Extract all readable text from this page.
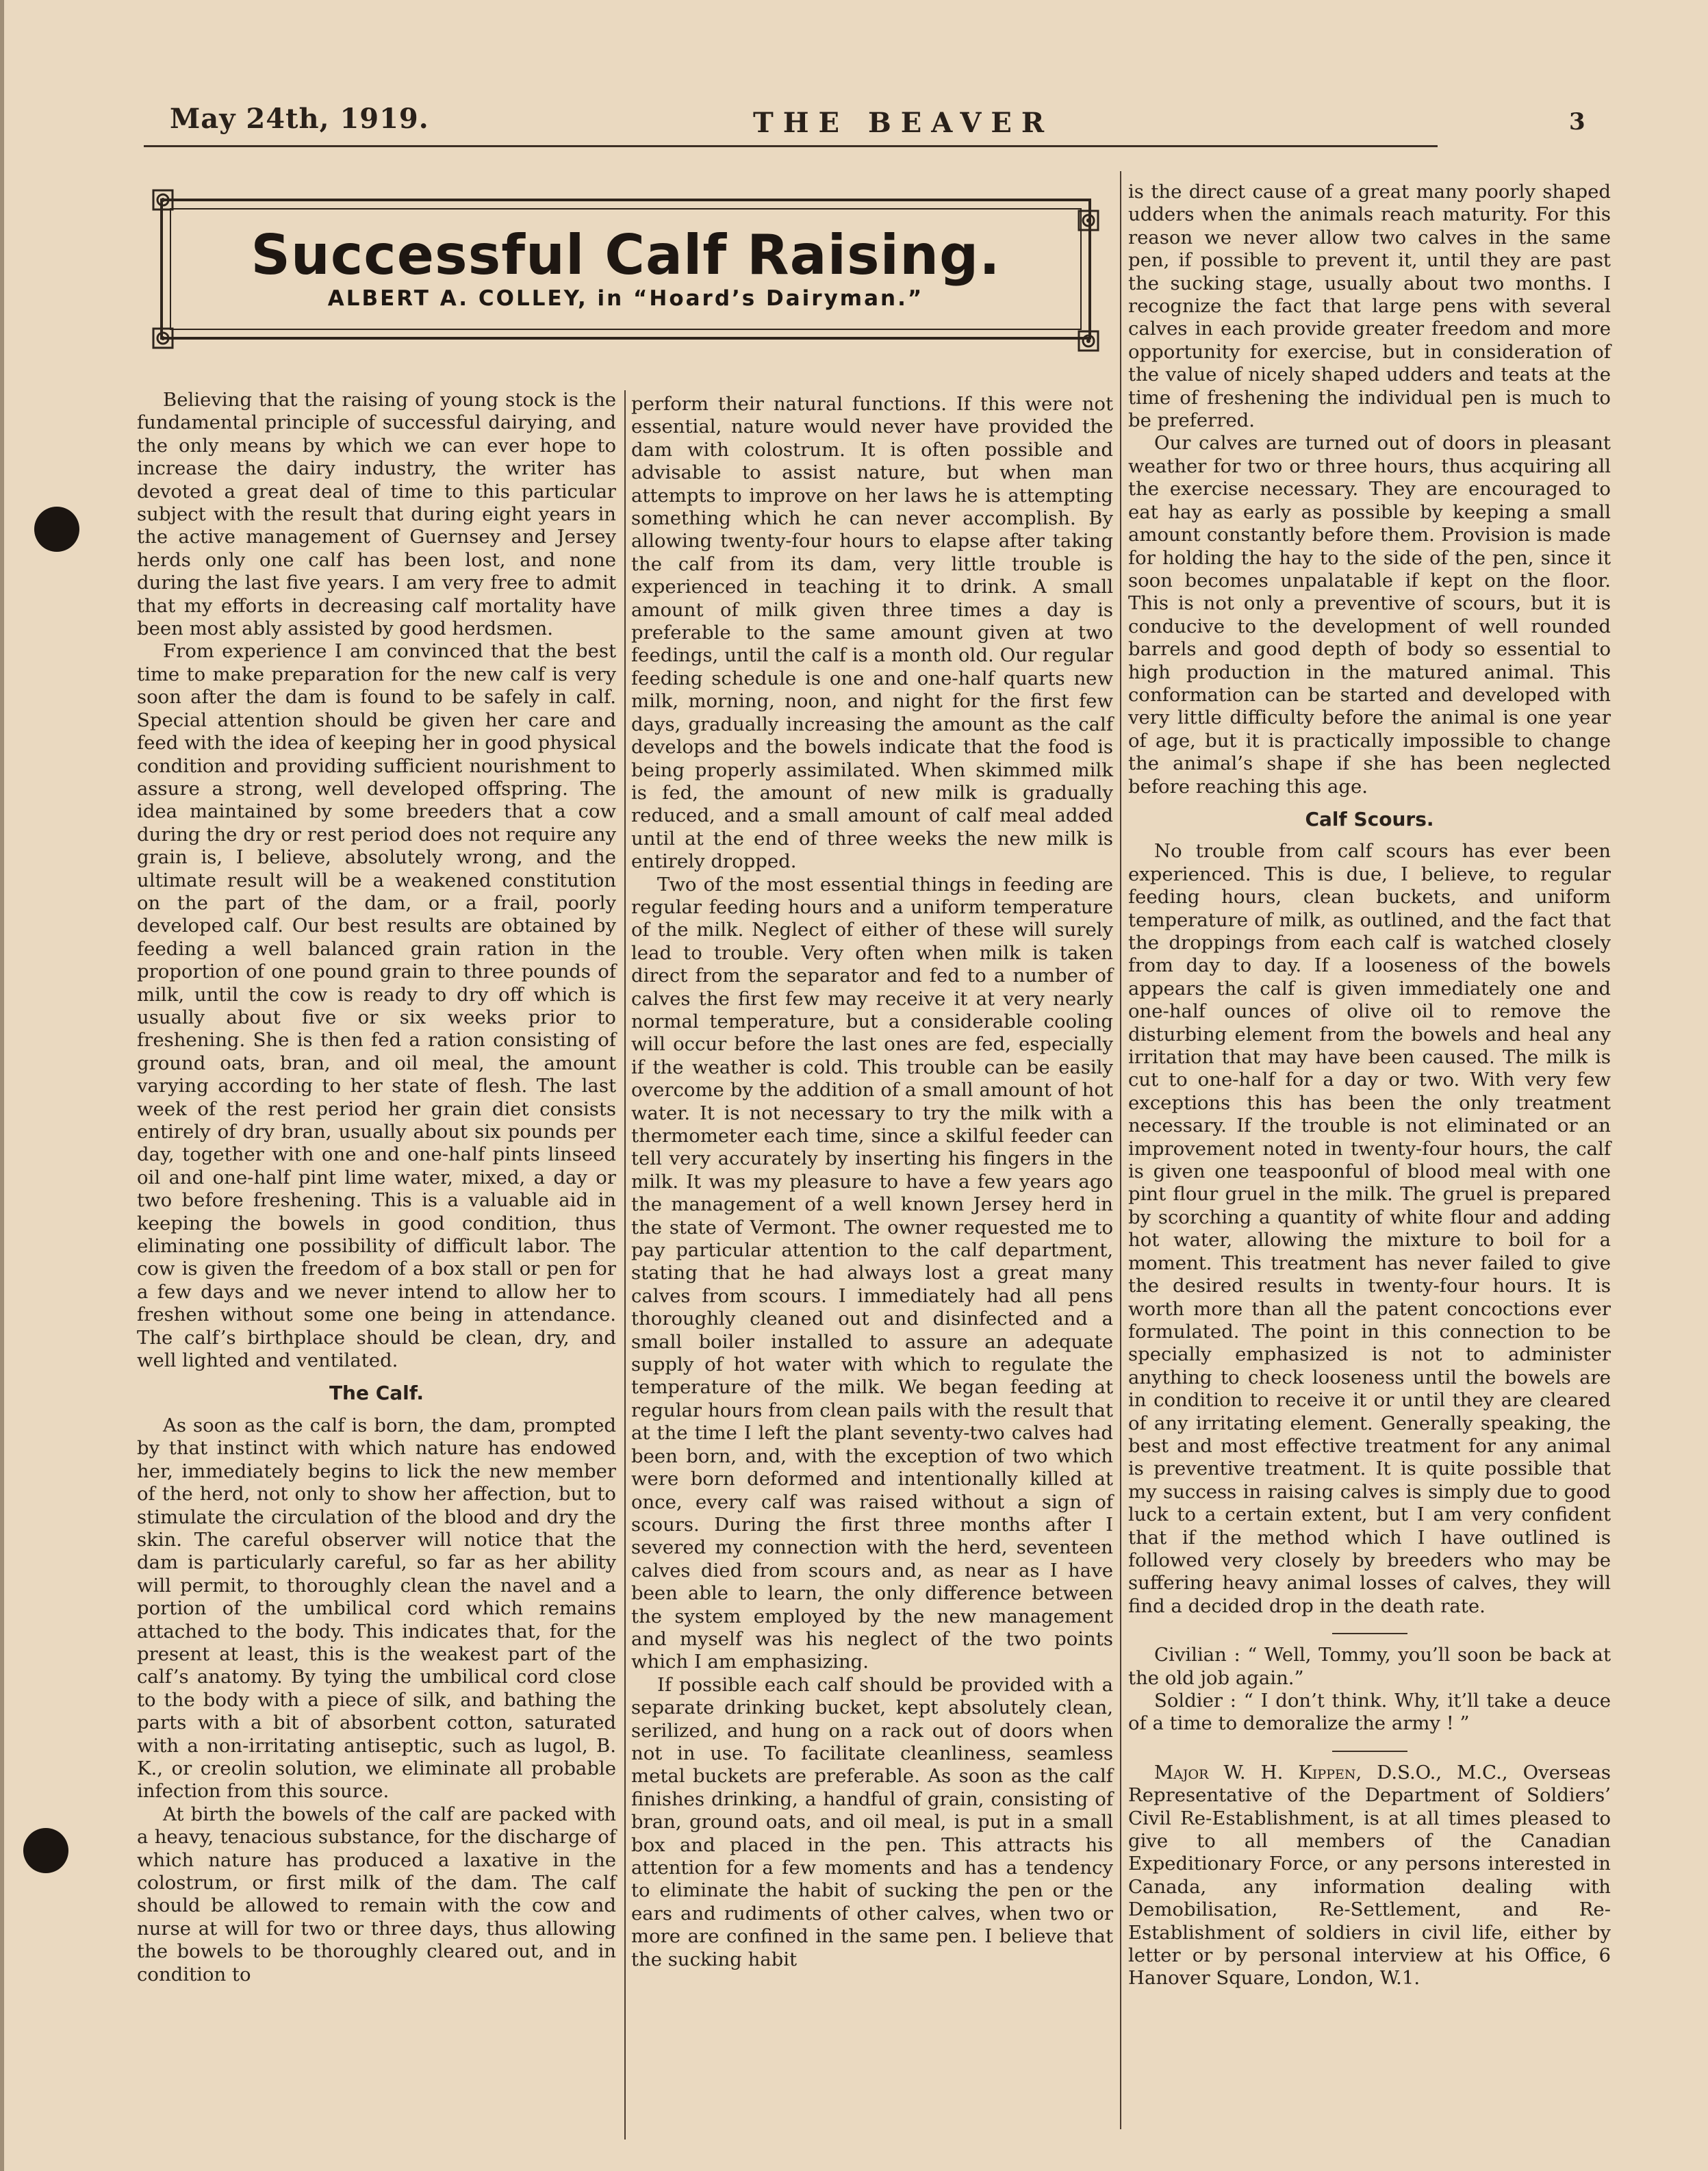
May 24th, 1919.	THE BEAVER	3
Successful Calf Raising.
ALBERT A. COLLEY, in “Hoard’s Dairyman.”

Believing that the raising of young stock is the fundamental principle of successful dairying, and the only means by which we can ever hope to increase the dairy industry, the writer has devoted a great deal of time to this particular subject with the result that during eight years in the active management of Guernsey and Jersey herds only one calf has been lost, and none during the last five years. I am very free to admit that my efforts in decreasing calf mortality have been most ably assisted by good herdsmen.

From experience I am convinced that the best time to make preparation for the new calf is very soon after the dam is found to be safely in calf. Special attention should be given her care and feed with the idea of keeping her in good physical condition and providing sufficient nourishment to assure a strong, well developed offspring. The idea maintained by some breeders that a cow during the dry or rest period does not require any grain is, I believe, absolutely wrong, and the ultimate result will be a weakened constitution on the part of the dam, or a frail, poorly developed calf. Our best results are obtained by feeding a well balanced grain ration in the proportion of one pound grain to three pounds of milk, until the cow is ready to dry off which is usually about five or six weeks prior to freshening. She is then fed a ration consisting of ground oats, bran, and oil meal, the amount varying according to her state of flesh. The last week of the rest period her grain diet consists entirely of dry bran, usually about six pounds per day, together with one and one-half pints linseed oil and one-half pint lime water, mixed, a day or two before freshening. This is a valuable aid in keeping the bowels in good condition, thus eliminating one possibility of difficult labor. The cow is given the freedom of a box stall or pen for a few days and we never intend to allow her to freshen without some one being in attendance. The calf’s birthplace should be clean, dry, and well lighted and ventilated.

The Calf.

As soon as the calf is born, the dam, prompted by that instinct with which nature has endowed her, immediately begins to lick the new member of the herd, not only to show her affection, but to stimulate the circulation of the blood and dry the skin. The careful observer will notice that the dam is particularly careful, so far as her ability will permit, to thoroughly clean the navel and a portion of the umbilical cord which remains attached to the body. This indicates that, for the present at least, this is the weakest part of the calf’s anatomy. By tying the umbilical cord close to the body with a piece of silk, and bathing the parts with a bit of absorbent cotton, saturated with a non-irritating antiseptic, such as lugol, B. K., or creolin solution, we eliminate all probable infection from this source.

At birth the bowels of the calf are packed with a heavy, tenacious substance, for the discharge of which nature has produced a laxative in the colostrum, or first milk of the dam. The calf should be allowed to remain with the cow and nurse at will for two or three days, thus allowing the bowels to be thoroughly cleared out, and in condition to

perform their natural functions. If this were not essential, nature would never have provided the dam with colostrum. It is often possible and advisable to assist nature, but when man attempts to improve on her laws he is attempting something which he can never accomplish. By allowing twenty-four hours to elapse after taking the calf from its dam, very little trouble is experienced in teaching it to drink. A small amount of milk given three times a day is preferable to the same amount given at two feedings, until the calf is a month old. Our regular feeding schedule is one and one-half quarts new milk, morning, noon, and night for the first few days, gradually increasing the amount as the calf develops and the bowels indicate that the food is being properly assimilated. When skimmed milk is fed, the amount of new milk is gradually reduced, and a small amount of calf meal added until at the end of three weeks the new milk is entirely dropped.

Two of the most essential things in feeding are regular feeding hours and a uniform temperature of the milk. Neglect of either of these will surely lead to trouble. Very often when milk is taken direct from the separator and fed to a number of calves the first few may receive it at very nearly normal temperature, but a considerable cooling will occur before the last ones are fed, especially if the weather is cold. This trouble can be easily overcome by the addition of a small amount of hot water. It is not necessary to try the milk with a thermometer each time, since a skilful feeder can tell very accurately by inserting his fingers in the milk. It was my pleasure to have a few years ago the management of a well known Jersey herd in the state of Vermont. The owner requested me to pay particular attention to the calf department, stating that he had always lost a great many calves from scours. I immediately had all pens thoroughly cleaned out and disinfected and a small boiler installed to assure an adequate supply of hot water with which to regulate the temperature of the milk. We began feeding at regular hours from clean pails with the result that at the time I left the plant seventy-two calves had been born, and, with the exception of two which were born deformed and intentionally killed at once, every calf was raised without a sign of scours. During the first three months after I severed my connection with the herd, seventeen calves died from scours and, as near as I have been able to learn, the only difference between the system employed by the new management and myself was his neglect of the two points which I am emphasizing.

If possible each calf should be provided with a separate drinking bucket, kept absolutely clean, serilized, and hung on a rack out of doors when not in use. To facilitate cleanliness, seamless metal buckets are preferable. As soon as the calf finishes drinking, a handful of grain, consisting of bran, ground oats, and oil meal, is put in a small box and placed in the pen. This attracts his attention for a few moments and has a tendency to eliminate the habit of sucking the pen or the ears and rudiments of other calves, when two or more are confined in the same pen. I believe that the sucking habit

is the direct cause of a great many poorly shaped udders when the animals reach maturity. For this reason we never allow two calves in the same pen, if possible to prevent it, until they are past the sucking stage, usually about two months. I recognize the fact that large pens with several calves in each provide greater freedom and more opportunity for exercise, but in consideration of the value of nicely shaped udders and teats at the time of freshening the individual pen is much to be preferred.

Our calves are turned out of doors in pleasant weather for two or three hours, thus acquiring all the exercise necessary. They are encouraged to eat hay as early as possible by keeping a small amount constantly before them. Provision is made for holding the hay to the side of the pen, since it soon becomes unpalatable if kept on the floor. This is not only a preventive of scours, but it is conducive to the development of well rounded barrels and good depth of body so essential to high production in the matured animal. This conformation can be started and developed with very little difficulty before the animal is one year of age, but it is practically impossible to change the animal’s shape if she has been neglected before reaching this age.

Calf Scours.

No trouble from calf scours has ever been experienced. This is due, I believe, to regular feeding hours, clean buckets, and uniform temperature of milk, as outlined, and the fact that the droppings from each calf is watched closely from day to day. If a looseness of the bowels appears the calf is given immediately one and one-half ounces of olive oil to remove the disturbing element from the bowels and heal any irritation that may have been caused. The milk is cut to one-half for a day or two. With very few exceptions this has been the only treatment necessary. If the trouble is not eliminated or an improvement noted in twenty-four hours, the calf is given one teaspoonful of blood meal with one pint flour gruel in the milk. The gruel is prepared by scorching a quantity of white flour and adding hot water, allowing the mixture to boil for a moment. This treatment has never failed to give the desired results in twenty-four hours. It is worth more than all the patent concoctions ever formulated. The point in this connection to be specially emphasized is not to administer anything to check looseness until the bowels are in condition to receive it or until they are cleared of any irritating element. Generally speaking, the best and most effective treatment for any animal is preventive treatment. It is quite possible that my success in raising calves is simply due to good luck to a certain extent, but I am very confident that if the method which I have outlined is followed very closely by breeders who may be suffering heavy animal losses of calves, they will find a decided drop in the death rate.

Civilian : “ Well, Tommy, you’ll soon be back at the old job again.”

Soldier : “ I don’t think. Why, it’ll take a deuce of a time to demoralize the army ! ”

Major W. H. Kippen, D.S.O., M.C., Overseas Representative of the Department of Soldiers’ Civil Re-Establishment, is at all times pleased to give to all members of the Canadian Expeditionary Force, or any persons interested in Canada, any information dealing with Demobilisation, Re-Settlement, and Re-Establishment of soldiers in civil life, either by letter or by personal interview at his Office, 6 Hanover Square, London, W.1.
